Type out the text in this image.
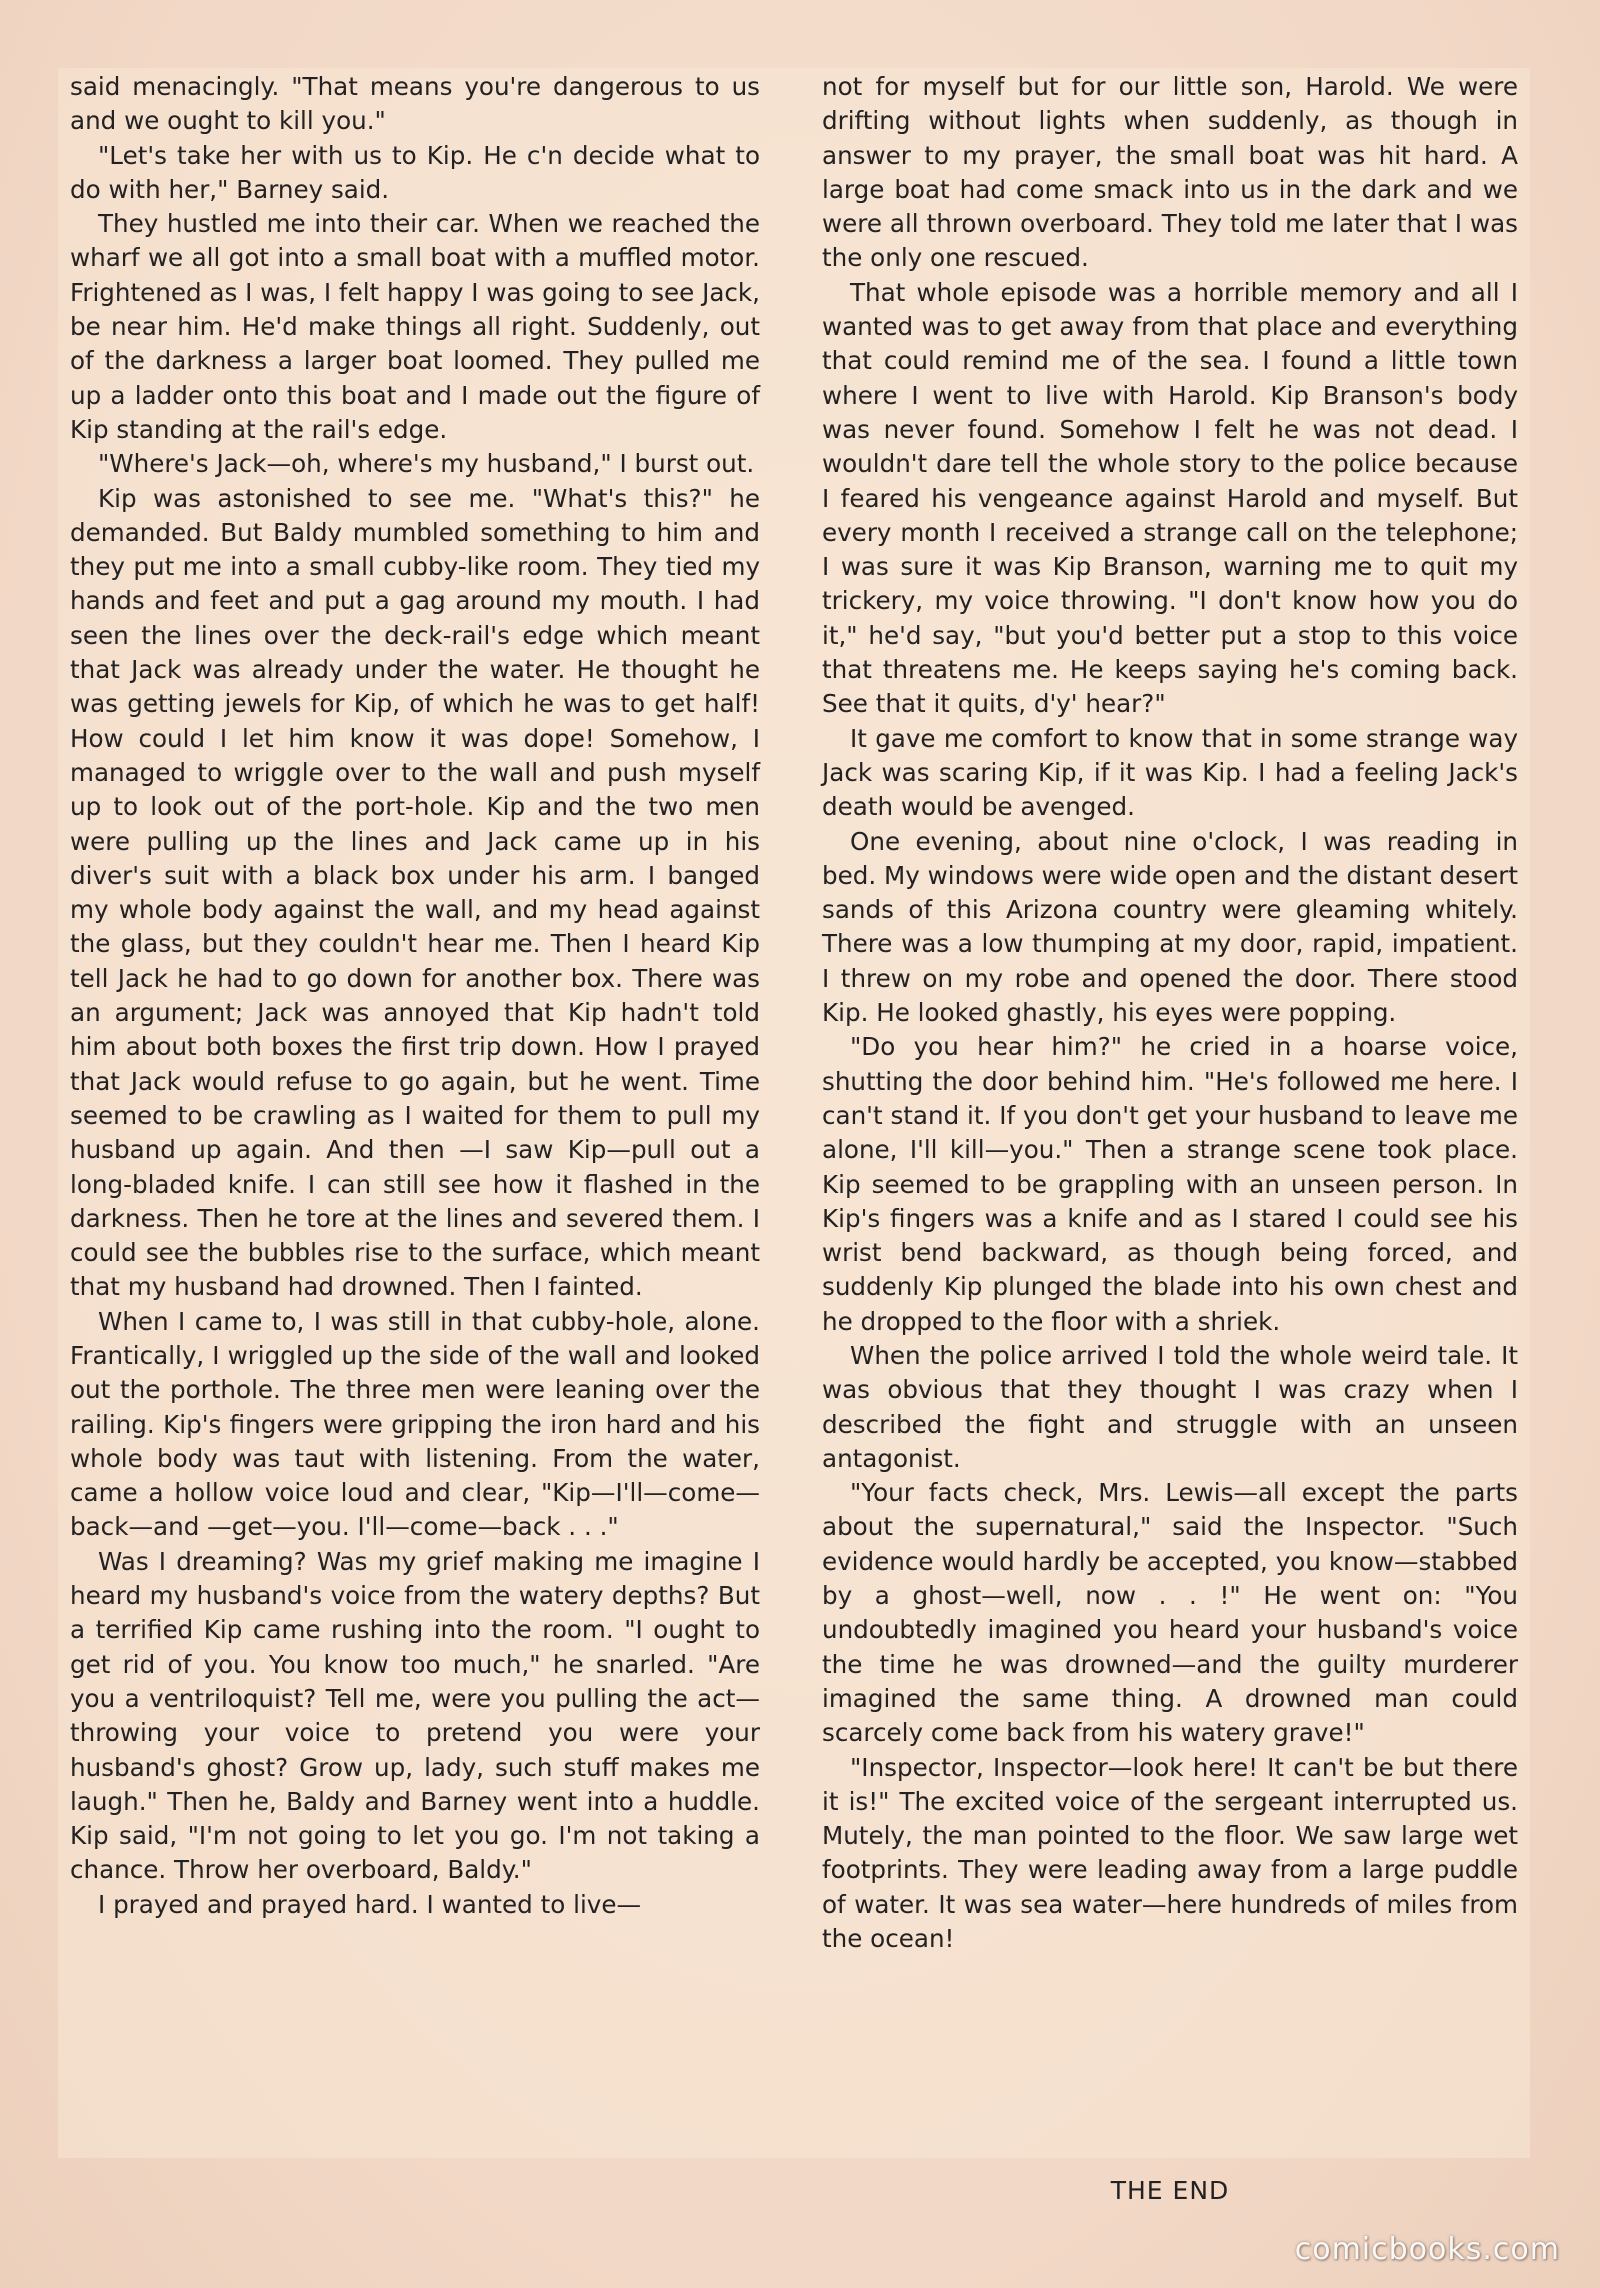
said menacingly. "That means you're dangerous to us and we ought to kill you."

"Let's take her with us to Kip. He c'n decide what to do with her," Barney said.

They hustled me into their car. When we reached the wharf we all got into a small boat with a muffled motor. Frightened as I was, I felt happy I was going to see Jack, be near him. He'd make things all right. Suddenly, out of the darkness a larger boat loomed. They pulled me up a ladder onto this boat and I made out the figure of Kip standing at the rail's edge.

"Where's Jack—oh, where's my husband," I burst out.

Kip was astonished to see me. "What's this?" he demanded. But Baldy mumbled something to him and they put me into a small cubby-like room. They tied my hands and feet and put a gag around my mouth. I had seen the lines over the deck-rail's edge which meant that Jack was already under the water. He thought he was getting jewels for Kip, of which he was to get half! How could I let him know it was dope! Somehow, I managed to wriggle over to the wall and push myself up to look out of the port-hole. Kip and the two men were pulling up the lines and Jack came up in his diver's suit with a black box under his arm. I banged my whole body against the wall, and my head against the glass, but they couldn't hear me. Then I heard Kip tell Jack he had to go down for another box. There was an argument; Jack was annoyed that Kip hadn't told him about both boxes the first trip down. How I prayed that Jack would refuse to go again, but he went. Time seemed to be crawling as I waited for them to pull my husband up again. And then —I saw Kip—pull out a long-bladed knife. I can still see how it flashed in the darkness. Then he tore at the lines and severed them. I could see the bubbles rise to the surface, which meant that my husband had drowned. Then I fainted.

When I came to, I was still in that cubby-hole, alone. Frantically, I wriggled up the side of the wall and looked out the porthole. The three men were leaning over the railing. Kip's fingers were gripping the iron hard and his whole body was taut with listening. From the water, came a hollow voice loud and clear, "Kip—I'll—come—back—and —get—you. I'll—come—back . . ."

Was I dreaming? Was my grief making me imagine I heard my husband's voice from the watery depths? But a terrified Kip came rushing into the room. "I ought to get rid of you. You know too much," he snarled. "Are you a ventriloquist? Tell me, were you pulling the act—throwing your voice to pretend you were your husband's ghost? Grow up, lady, such stuff makes me laugh." Then he, Baldy and Barney went into a huddle. Kip said, "I'm not going to let you go. I'm not taking a chance. Throw her overboard, Baldy."

I prayed and prayed hard. I wanted to live—

not for myself but for our little son, Harold. We were drifting without lights when suddenly, as though in answer to my prayer, the small boat was hit hard. A large boat had come smack into us in the dark and we were all thrown overboard. They told me later that I was the only one rescued.

That whole episode was a horrible memory and all I wanted was to get away from that place and everything that could remind me of the sea. I found a little town where I went to live with Harold. Kip Branson's body was never found. Somehow I felt he was not dead. I wouldn't dare tell the whole story to the police because I feared his vengeance against Harold and myself. But every month I received a strange call on the telephone; I was sure it was Kip Branson, warning me to quit my trickery, my voice throwing. "I don't know how you do it," he'd say, "but you'd better put a stop to this voice that threatens me. He keeps saying he's coming back. See that it quits, d'y' hear?"

It gave me comfort to know that in some strange way Jack was scaring Kip, if it was Kip. I had a feeling Jack's death would be avenged.

One evening, about nine o'clock, I was reading in bed. My windows were wide open and the distant desert sands of this Arizona country were gleaming whitely. There was a low thumping at my door, rapid, impatient. I threw on my robe and opened the door. There stood Kip. He looked ghastly, his eyes were popping.

"Do you hear him?" he cried in a hoarse voice, shutting the door behind him. "He's followed me here. I can't stand it. If you don't get your husband to leave me alone, I'll kill—you." Then a strange scene took place. Kip seemed to be grappling with an unseen person. In Kip's fingers was a knife and as I stared I could see his wrist bend backward, as though being forced, and suddenly Kip plunged the blade into his own chest and he dropped to the floor with a shriek.

When the police arrived I told the whole weird tale. It was obvious that they thought I was crazy when I described the fight and struggle with an unseen antagonist.

"Your facts check, Mrs. Lewis—all except the parts about the supernatural," said the Inspector. "Such evidence would hardly be accepted, you know—stabbed by a ghost—well, now . . !" He went on: "You undoubtedly imagined you heard your husband's voice the time he was drowned—and the guilty murderer imagined the same thing. A drowned man could scarcely come back from his watery grave!"

"Inspector, Inspector—look here! It can't be but there it is!" The excited voice of the sergeant interrupted us. Mutely, the man pointed to the floor. We saw large wet footprints. They were leading away from a large puddle of water. It was sea water—here hundreds of miles from the ocean!

THE END
comicbooks.com
